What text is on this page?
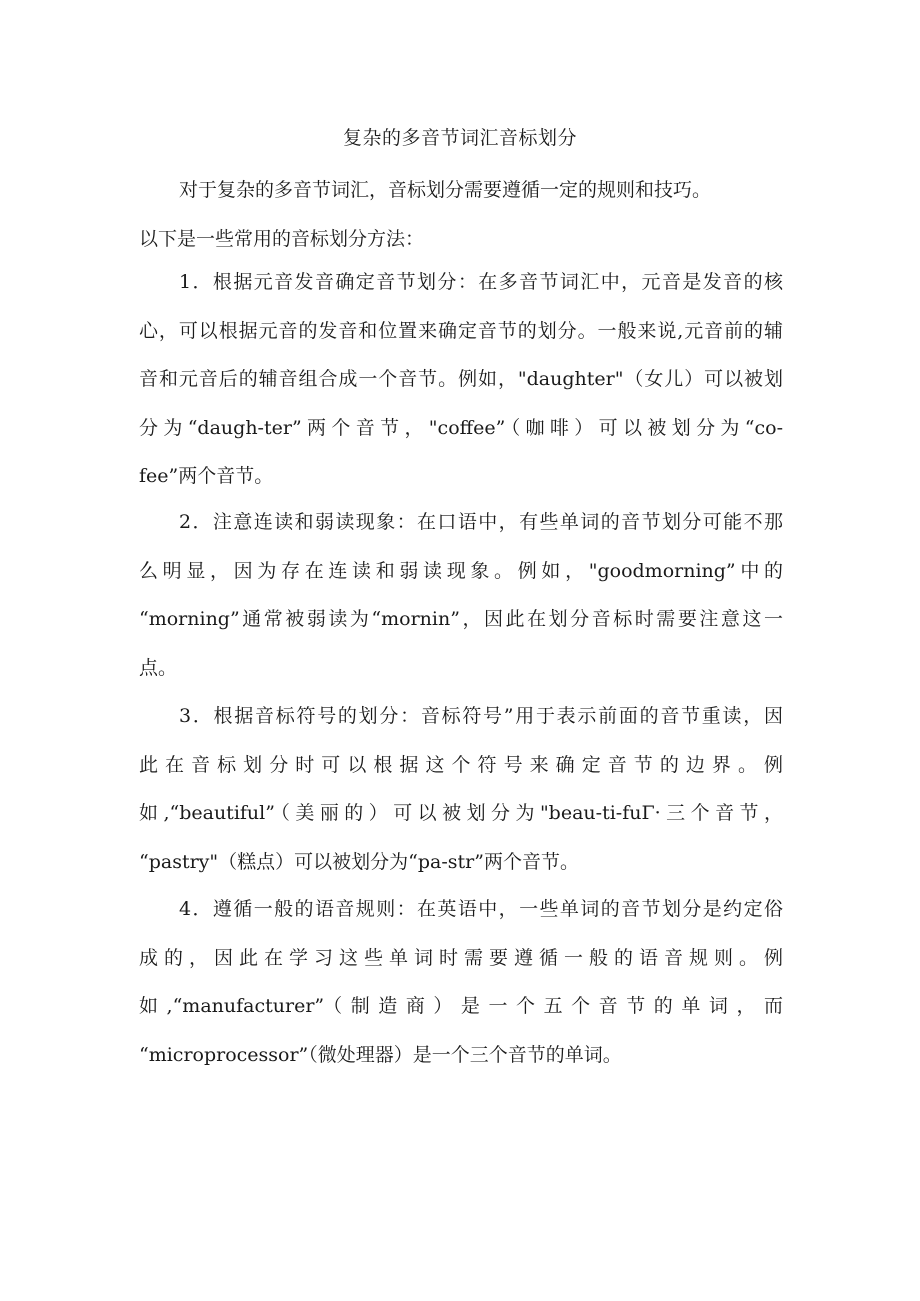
复杂的多音节词汇音标划分
对于复杂的多音节词汇，音标划分需要遵循一定的规则和技巧。
以下是一些常用的音标划分方法：
1．根据元音发音确定音节划分：在多音节词汇中，元音是发音的核
心，可以根据元音的发音和位置来确定音节的划分。一般来说,元音前的辅
音和元音后的辅音组合成一个音节。例如，"daughter"（女儿）可以被划
分为“daugh-ter”两个音节，"coffee”（咖啡）可以被划分为“co-
fee”两个音节。
2．注意连读和弱读现象：在口语中，有些单词的音节划分可能不那
么明显，因为存在连读和弱读现象。例如，"goodmorning”中的
“morning”通常被弱读为“mornin”，因此在划分音标时需要注意这一
点。
3．根据音标符号的划分：音标符号”用于表示前面的音节重读，因
此在音标划分时可以根据这个符号来确定音节的边界。例
如,“beautiful”（美丽的）可以被划分为"beau-ti-fuΓ·三个音节，
“pastry"（糕点）可以被划分为“pa-str”两个音节。
4．遵循一般的语音规则：在英语中，一些单词的音节划分是约定俗
成的，因此在学习这些单词时需要遵循一般的语音规则。例
如,“manufacturer”（制造商）是一个五个音节的单词，而
“microprocessor”（微处理器）是一个三个音节的单词。
